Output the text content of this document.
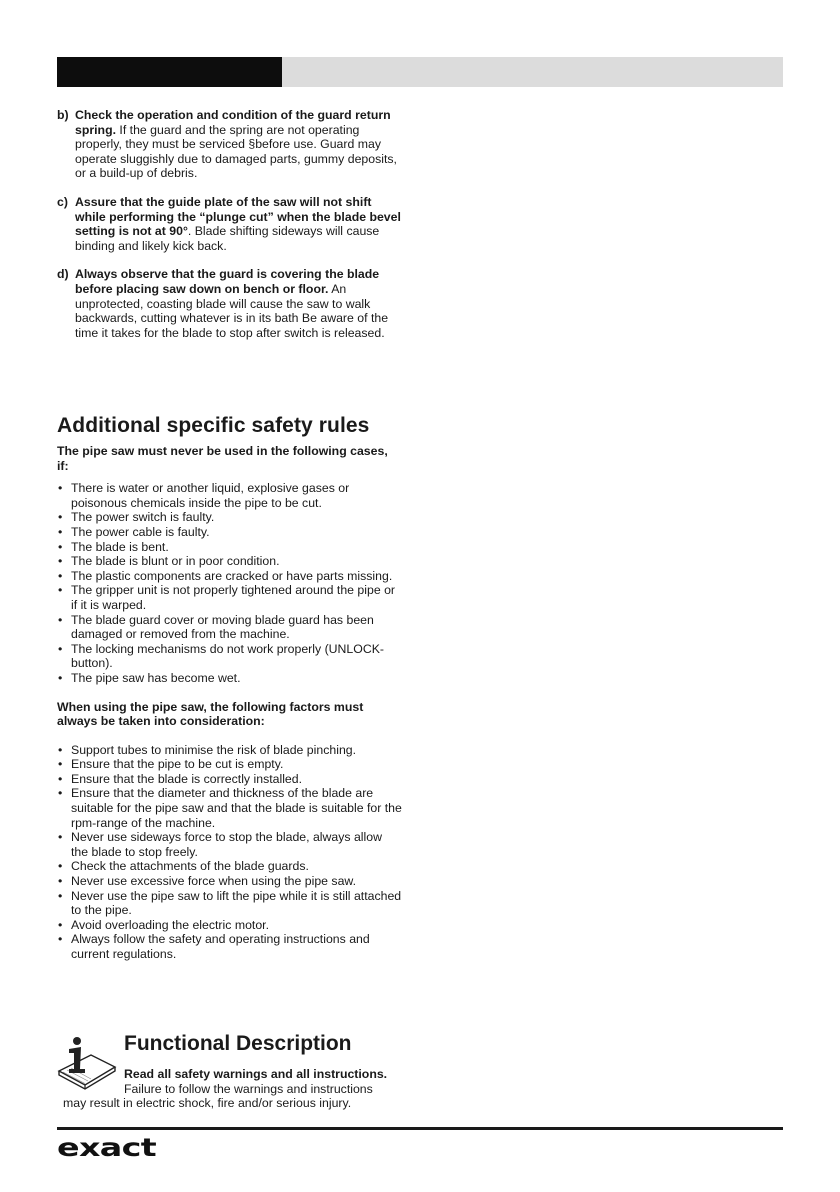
b) Check the operation and condition of the guard return spring. If the guard and the spring are not operating properly, they must be serviced §before use. Guard may operate sluggishly due to damaged parts, gummy deposits, or a build-up of debris.

c) Assure that the guide plate of the saw will not shift while performing the “plunge cut” when the blade bevel setting is not at 90°. Blade shifting sideways will cause binding and likely kick back.

d) Always observe that the guard is covering the blade before placing saw down on bench or floor. An unprotected, coasting blade will cause the saw to walk backwards, cutting whatever is in its bath Be aware of the time it takes for the blade to stop after switch is released.

Additional specific safety rules

The pipe saw must never be used in the following cases, if:

• There is water or another liquid, explosive gases or poisonous chemicals inside the pipe to be cut.
• The power switch is faulty.
• The power cable is faulty.
• The blade is bent.
• The blade is blunt or in poor condition.
• The plastic components are cracked or have parts missing.
• The gripper unit is not properly tightened around the pipe or if it is warped.
• The blade guard cover or moving blade guard has been damaged or removed from the machine.
• The locking mechanisms do not work properly (UNLOCK-button).
• The pipe saw has become wet.

When using the pipe saw, the following factors must always be taken into consideration:

• Support tubes to minimise the risk of blade pinching.
• Ensure that the pipe to be cut is empty.
• Ensure that the blade is correctly installed.
• Ensure that the diameter and thickness of the blade are suitable for the pipe saw and that the blade is suitable for the rpm-range of the machine.
• Never use sideways force to stop the blade, always allow the blade to stop freely.
• Check the attachments of the blade guards.
• Never use excessive force when using the pipe saw.
• Never use the pipe saw to lift the pipe while it is still attached to the pipe.
• Avoid overloading the electric motor.
• Always follow the safety and operating instructions and current regulations.
Functional Description
Read all safety warnings and all instructions.
Failure to follow the warnings and instructions
may result in electric shock, fire and/or serious injury.
exact
